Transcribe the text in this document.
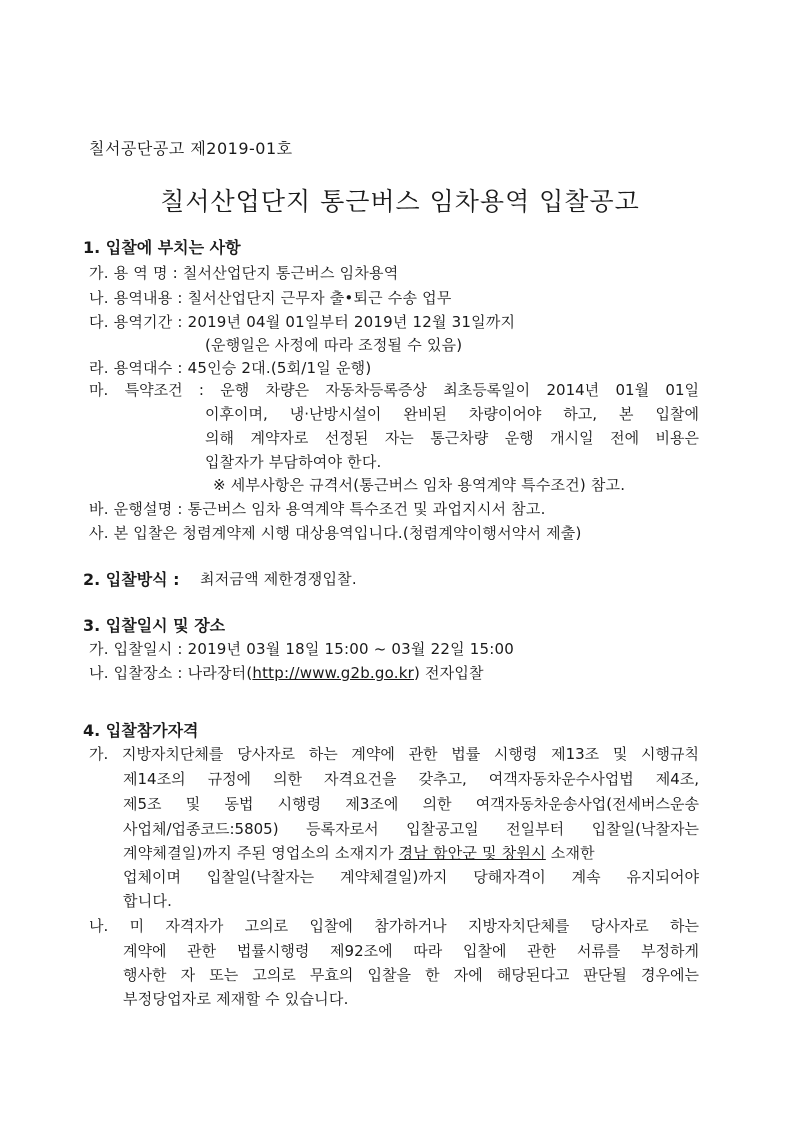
칠서공단공고 제2019-01호
칠서산업단지 통근버스 임차용역 입찰공고
1. 입찰에 부치는 사항
가. 용 역 명 : 칠서산업단지 통근버스 임차용역
나. 용역내용 : 칠서산업단지 근무자 출•퇴근 수송 업무
다. 용역기간 : 2019년 04월 01일부터 2019년 12월 31일까지
(운행일은 사정에 따라 조정될 수 있음)
라. 용역대수 : 45인승 2대.(5회/1일 운행)
마. 특약조건 : 운행 차량은 자동차등록증상 최초등록일이 2014년 01월 01일
이후이며, 냉·난방시설이 완비된 차량이어야 하고, 본 입찰에
의해 계약자로 선정된 자는 통근차량 운행 개시일 전에 비용은
입찰자가 부담하여야 한다.
※ 세부사항은 규격서(통근버스 임차 용역계약 특수조건) 참고.
바. 운행설명 : 통근버스 임차 용역계약 특수조건 및 과업지시서 참고.
사. 본 입찰은 청렴계약제 시행 대상용역입니다.(청렴계약이행서약서 제출)
2. 입찰방식 : 최저금액 제한경쟁입찰.
3. 입찰일시 및 장소
가. 입찰일시 : 2019년 03월 18일 15:00 ~ 03월 22일 15:00
나. 입찰장소 : 나라장터(http://www.g2b.go.kr) 전자입찰
4. 입찰참가자격
가. 지방자치단체를 당사자로 하는 계약에 관한 법률 시행령 제13조 및 시행규칙
제14조의 규정에 의한 자격요건을 갖추고, 여객자동차운수사업법 제4조,
제5조 및 동법 시행령 제3조에 의한 여객자동차운송사업(전세버스운송
사업체/업종코드:5805) 등록자로서 입찰공고일 전일부터 입찰일(낙찰자는
계약체결일)까지 주된 영업소의 소재지가 경남 함안군 및 창원시 소재한
업체이며 입찰일(낙찰자는 계약체결일)까지 당해자격이 계속 유지되어야
합니다.
나. 미 자격자가 고의로 입찰에 참가하거나 지방자치단체를 당사자로 하는
계약에 관한 법률시행령 제92조에 따라 입찰에 관한 서류를 부정하게
행사한 자 또는 고의로 무효의 입찰을 한 자에 해당된다고 판단될 경우에는
부정당업자로 제재할 수 있습니다.
